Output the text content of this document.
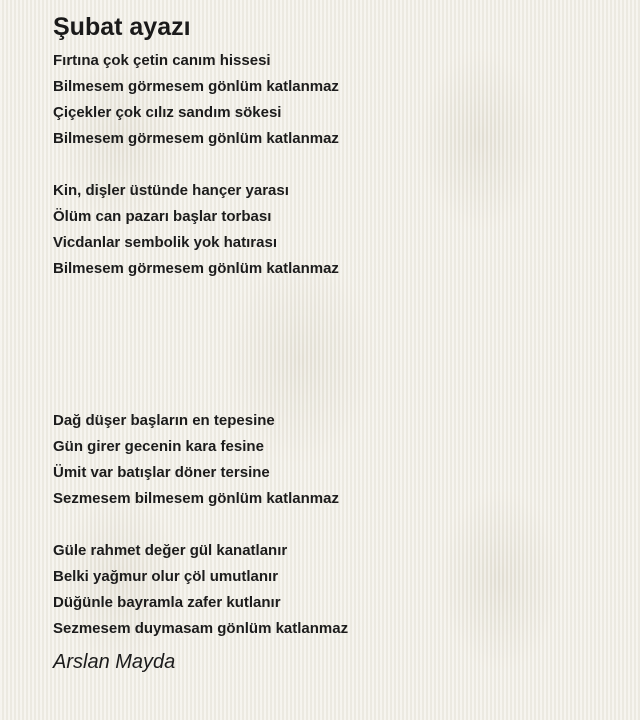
Şubat ayazı
Fırtına çok çetin canım hissesi
Bilmesem görmesem gönlüm katlanmaz
Çiçekler çok cılız sandım sökesi
Bilmesem görmesem gönlüm katlanmaz
Kin, dişler üstünde hançer yarası
Ölüm can pazarı başlar torbası
Vicdanlar sembolik yok hatırası
Bilmesem görmesem gönlüm katlanmaz
Dağ düşer başların en tepesine
Gün girer gecenin kara fesine
Ümit var batışlar döner tersine
Sezmesem bilmesem gönlüm katlanmaz
Güle rahmet değer gül kanatlanır
Belki yağmur olur çöl umutlanır
Düğünle bayramla zafer kutlanır
Sezmesem duymasam gönlüm katlanmaz
Arslan Mayda
